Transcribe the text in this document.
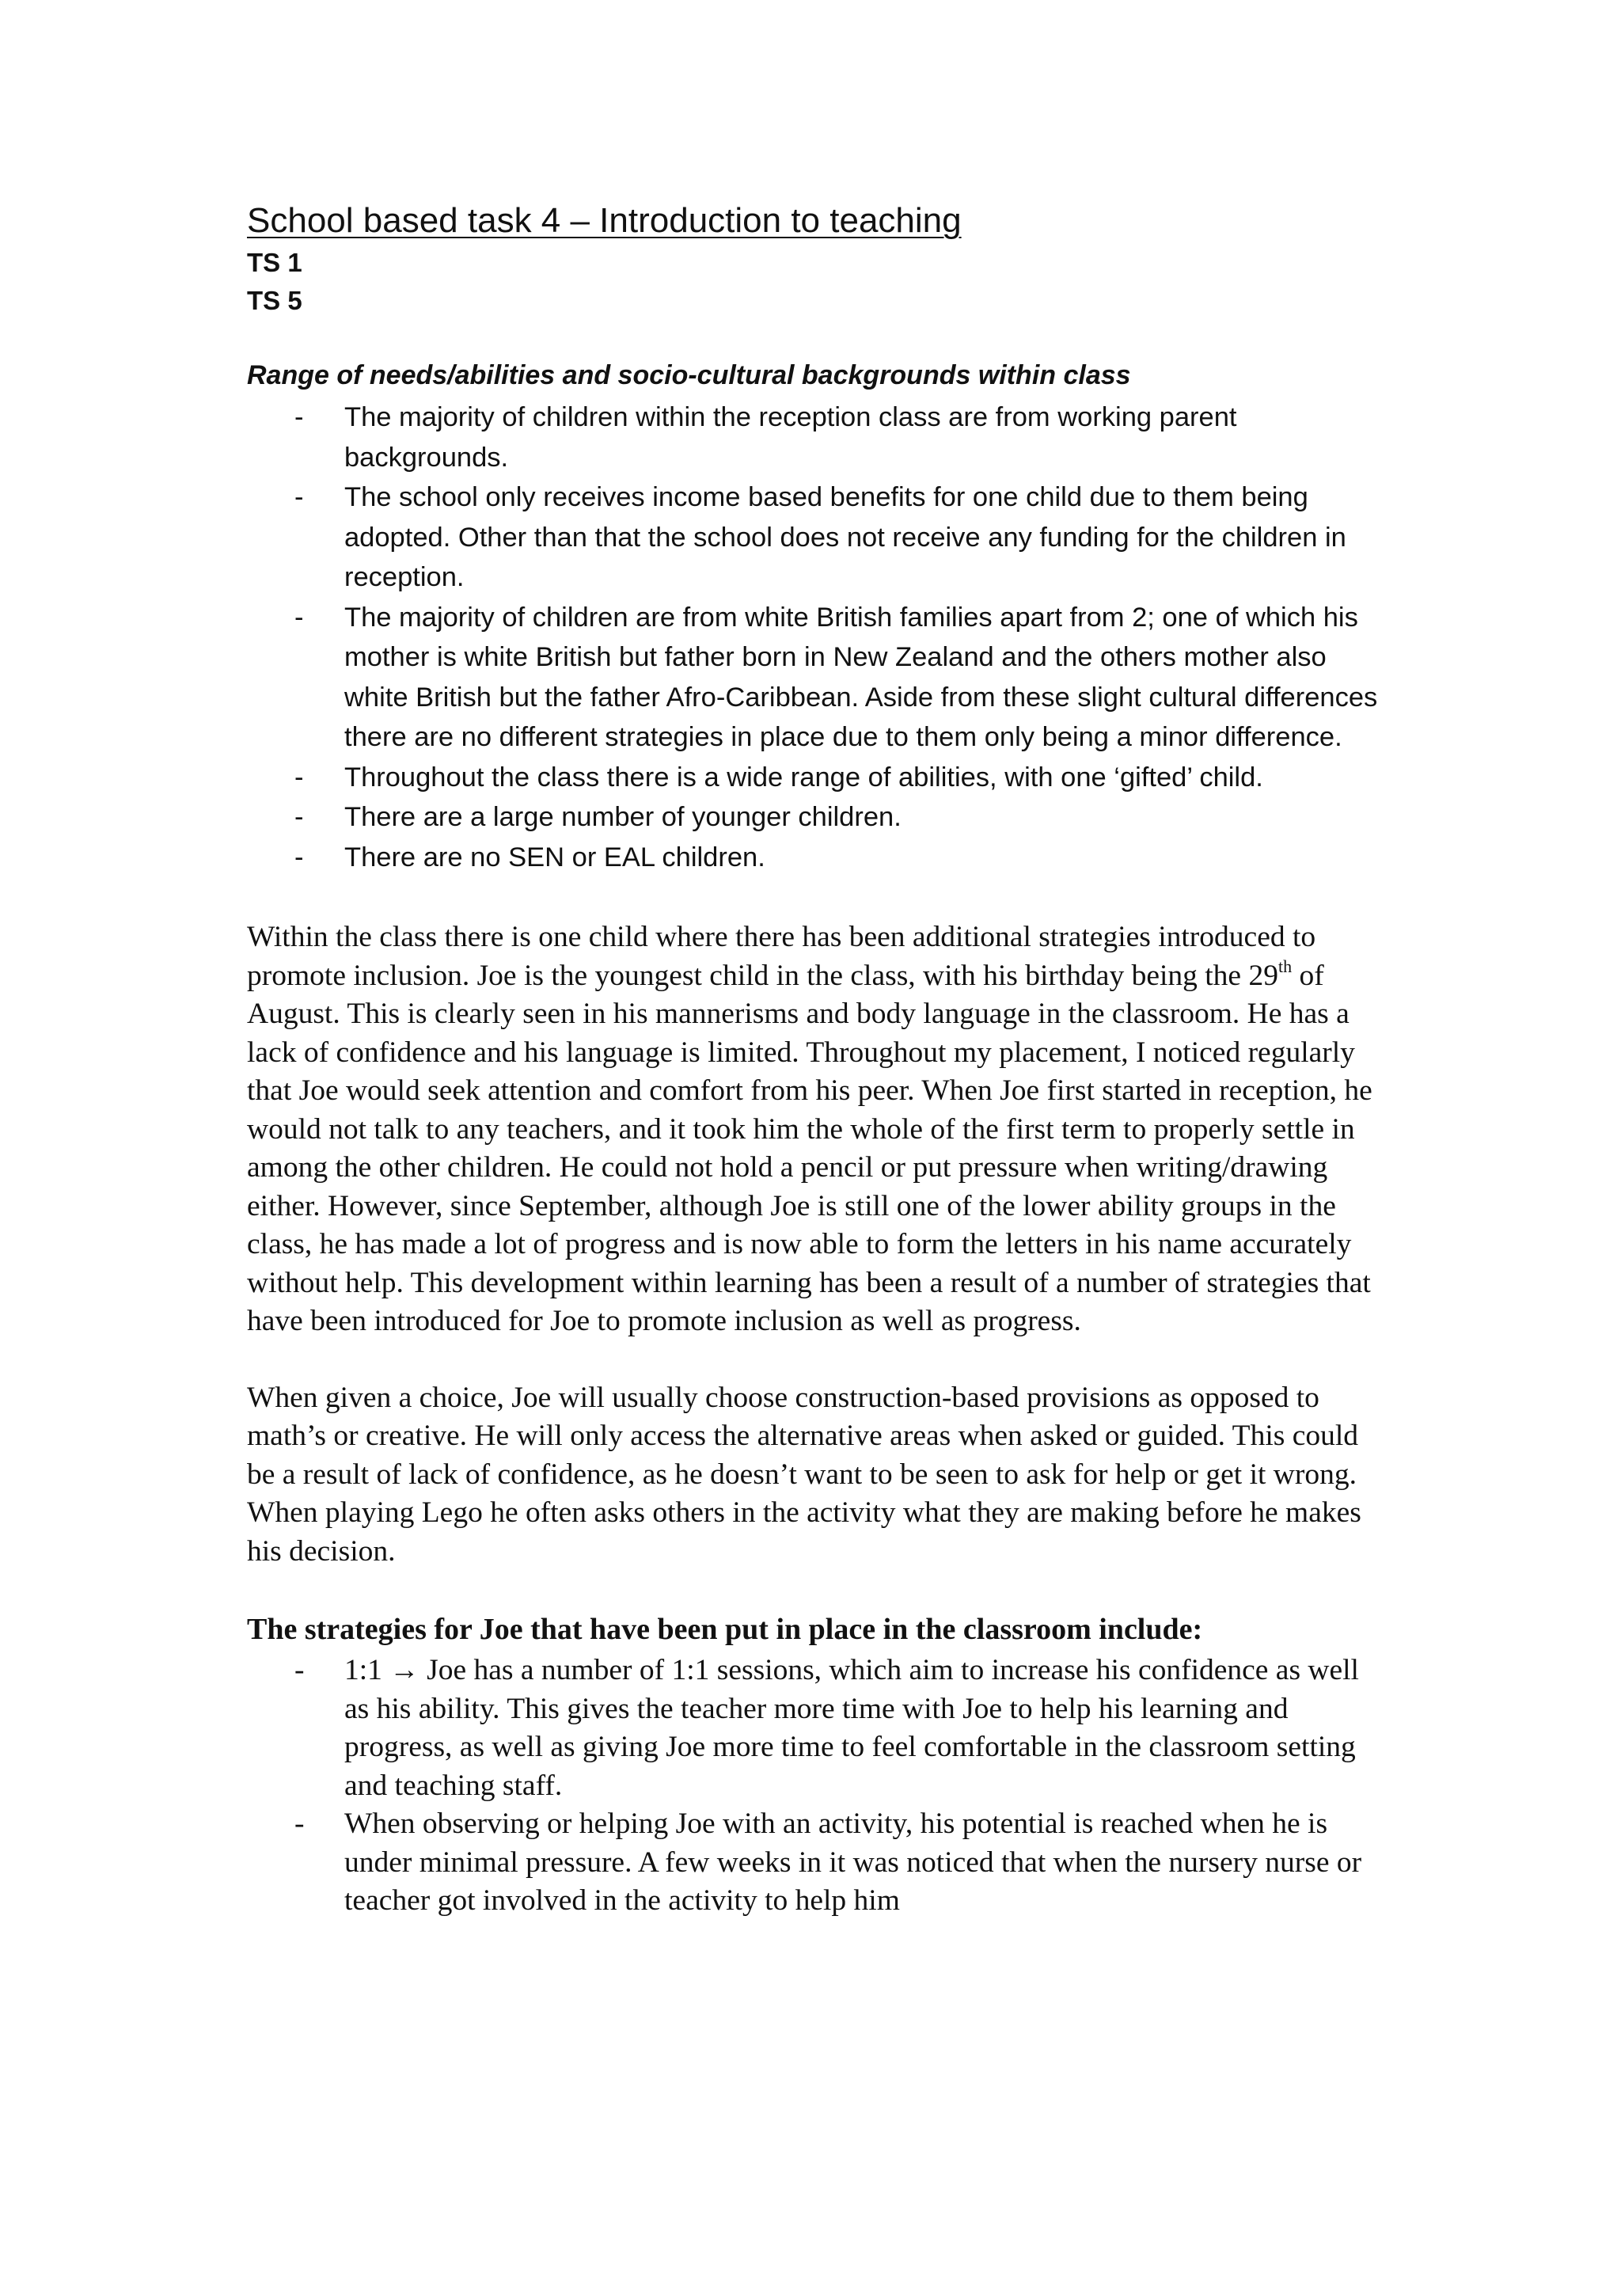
School based task 4 – Introduction to teaching

TS 1

TS 5

Range of needs/abilities and socio-cultural backgrounds within class
- The majority of children within the reception class are from working parent backgrounds.
- The school only receives income based benefits for one child due to them being adopted. Other than that the school does not receive any funding for the children in reception.
- The majority of children are from white British families apart from 2; one of which his mother is white British but father born in New Zealand and the others mother also white British but the father Afro-Caribbean. Aside from these slight cultural differences there are no different strategies in place due to them only being a minor difference.
- Throughout the class there is a wide range of abilities, with one ‘gifted’ child.
- There are a large number of younger children.
- There are no SEN or EAL children.

Within the class there is one child where there has been additional strategies introduced to promote inclusion. Joe is the youngest child in the class, with his birthday being the 29th of August. This is clearly seen in his mannerisms and body language in the classroom. He has a lack of confidence and his language is limited. Throughout my placement, I noticed regularly that Joe would seek attention and comfort from his peer. When Joe first started in reception, he would not talk to any teachers, and it took him the whole of the first term to properly settle in among the other children. He could not hold a pencil or put pressure when writing/drawing either. However, since September, although Joe is still one of the lower ability groups in the class, he has made a lot of progress and is now able to form the letters in his name accurately without help. This development within learning has been a result of a number of strategies that have been introduced for Joe to promote inclusion as well as progress.

When given a choice, Joe will usually choose construction-based provisions as opposed to math’s or creative. He will only access the alternative areas when asked or guided. This could be a result of lack of confidence, as he doesn’t want to be seen to ask for help or get it wrong. When playing Lego he often asks others in the activity what they are making before he makes his decision.

The strategies for Joe that have been put in place in the classroom include:
- 1:1 → Joe has a number of 1:1 sessions, which aim to increase his confidence as well as his ability. This gives the teacher more time with Joe to help his learning and progress, as well as giving Joe more time to feel comfortable in the classroom setting and teaching staff.
- When observing or helping Joe with an activity, his potential is reached when he is under minimal pressure. A few weeks in it was noticed that when the nursery nurse or teacher got involved in the activity to help him
